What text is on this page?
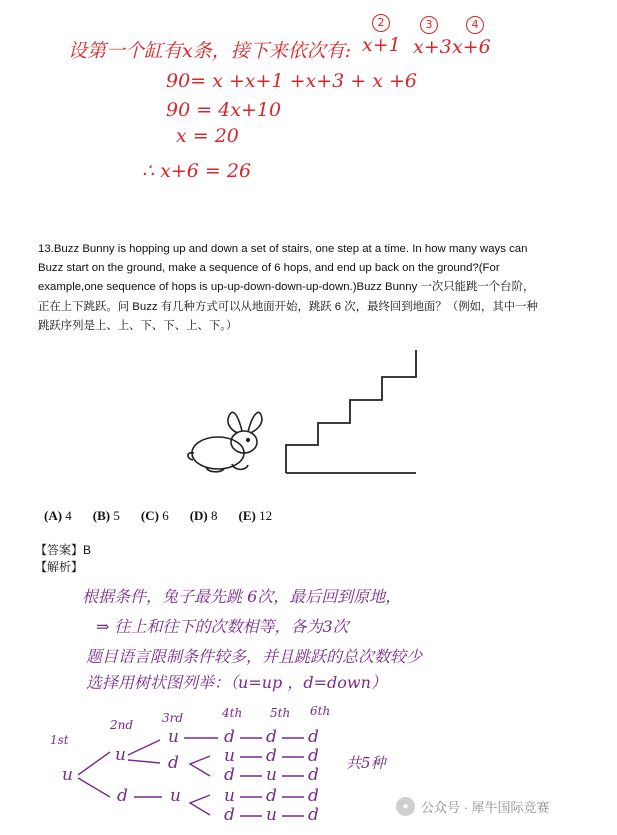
设第一个缸有x条，接下来依次有: x+1 x+3 x+6
2	3	4
90= x +x+1 +x+3 + x +6
90 = 4x+10
x = 20
∴ x+6 = 26
13.Buzz Bunny is hopping up and down a set of stairs, one step at a time. In how many ways can Buzz start on the ground, make a sequence of 6 hops, and end up back on the ground?(For example,one sequence of hops is up-up-down-down-up-down.)Buzz Bunny 一次只能跳一个台阶，正在上下跳跃。问 Buzz 有几种方式可以从地面开始，跳跃 6 次，最终回到地面？（例如，其中一种跳跃序列是上、上、下、下、上、下。）
(A) 4 (B) 5 (C) 6 (D) 8 (E) 12
【答案】B
【解析】
根据条件，兔子最先跳 6次，最后回到原地，
⇒ 往上和往下的次数相等，各为3次
题目语言限制条件较多，并且跳跃的总次数较少
选择用树状图列举：（u=up ，d=down）
1st
2nd 3rd	4th 5th 6th
u
u
d
u
d
u
d d d
u d d
d u d
u d d
d u d
共5种
● 公众号 · 犀牛国际竞赛
